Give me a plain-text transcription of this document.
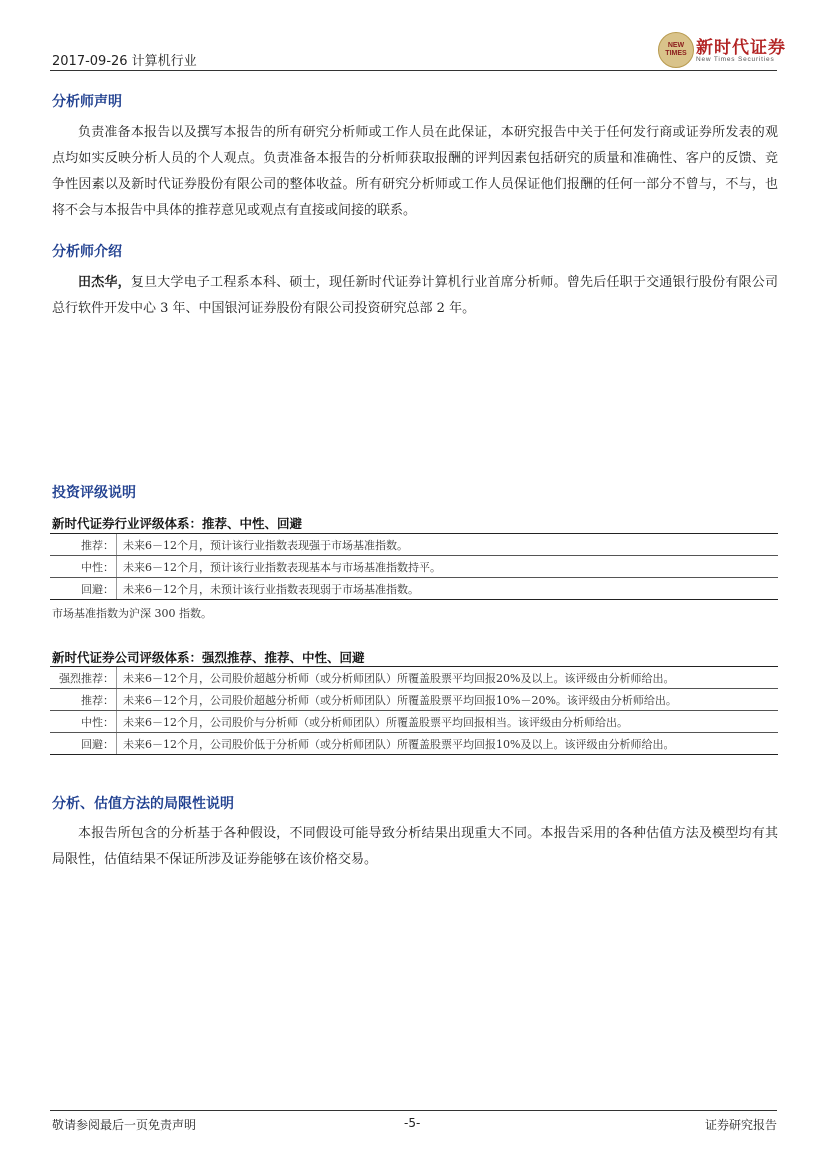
2017-09-26 计算机行业
NEW
TIMES 新时代证券
New Times Securities
分析师声明
负责准备本报告以及撰写本报告的所有研究分析师或工作人员在此保证，本研究报告中关于任何发行商或证券所发表的观点均如实反映分析人员的个人观点。负责准备本报告的分析师获取报酬的评判因素包括研究的质量和准确性、客户的反馈、竞争性因素以及新时代证券股份有限公司的整体收益。所有研究分析师或工作人员保证他们报酬的任何一部分不曾与，不与，也将不会与本报告中具体的推荐意见或观点有直接或间接的联系。
分析师介绍
田杰华，复旦大学电子工程系本科、硕士，现任新时代证券计算机行业首席分析师。曾先后任职于交通银行股份有限公司总行软件开发中心 3 年、中国银河证券股份有限公司投资研究总部 2 年。
投资评级说明
新时代证券行业评级体系：推荐、中性、回避
推荐： 未来6－12个月，预计该行业指数表现强于市场基准指数。
中性： 未来6－12个月，预计该行业指数表现基本与市场基准指数持平。
回避： 未来6－12个月，未预计该行业指数表现弱于市场基准指数。
市场基准指数为沪深 300 指数。
新时代证券公司评级体系：强烈推荐、推荐、中性、回避
强烈推荐： 未来6－12个月，公司股价超越分析师（或分析师团队）所覆盖股票平均回报20%及以上。该评级由分析师给出。
推荐： 未来6－12个月，公司股价超越分析师（或分析师团队）所覆盖股票平均回报10%－20%。该评级由分析师给出。
中性： 未来6－12个月，公司股价与分析师（或分析师团队）所覆盖股票平均回报相当。该评级由分析师给出。
回避： 未来6－12个月，公司股价低于分析师（或分析师团队）所覆盖股票平均回报10%及以上。该评级由分析师给出。
分析、估值方法的局限性说明
本报告所包含的分析基于各种假设，不同假设可能导致分析结果出现重大不同。本报告采用的各种估值方法及模型均有其局限性，估值结果不保证所涉及证券能够在该价格交易。
敬请参阅最后一页免责声明	-5-	证券研究报告
